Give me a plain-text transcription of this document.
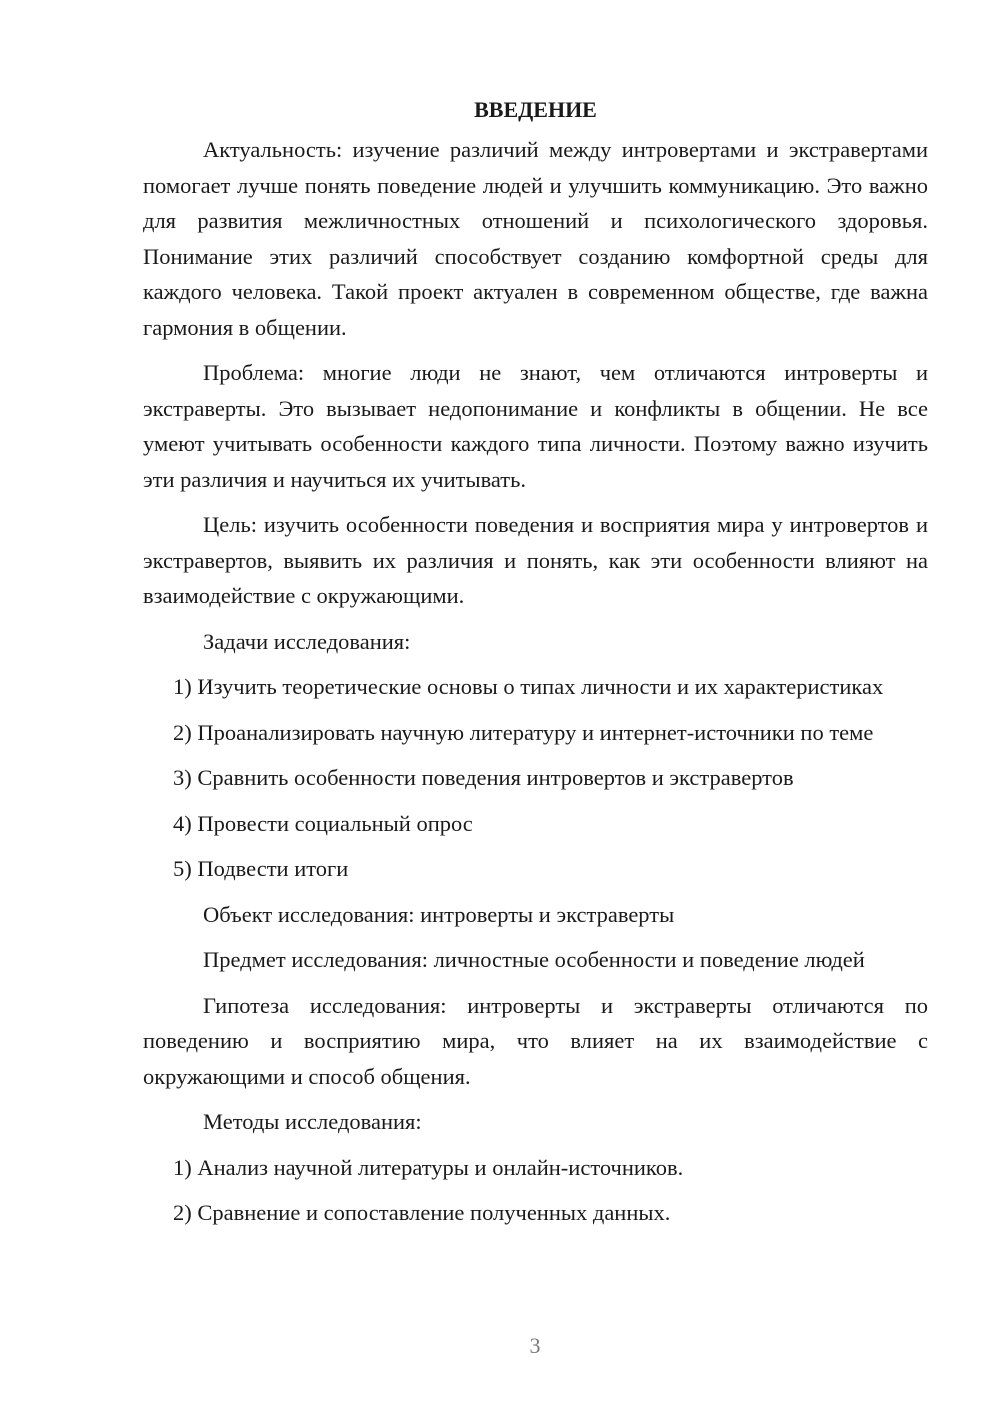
ВВЕДЕНИЕ

Актуальность: изучение различий между интровертами и экстравертами помогает лучше понять поведение людей и улучшить коммуникацию. Это важно для развития межличностных отношений и психологического здоровья. Понимание этих различий способствует созданию комфортной среды для каждого человека. Такой проект актуален в современном обществе, где важна гармония в общении.

Проблема: многие люди не знают, чем отличаются интроверты и экстраверты. Это вызывает недопонимание и конфликты в общении. Не все умеют учитывать особенности каждого типа личности. Поэтому важно изучить эти различия и научиться их учитывать.

Цель: изучить особенности поведения и восприятия мира у интровертов и экстравертов, выявить их различия и понять, как эти особенности влияют на взаимодействие с окружающими.

Задачи исследования:

1) Изучить теоретические основы о типах личности и их характеристиках

2) Проанализировать научную литературу и интернет-источники по теме

3) Сравнить особенности поведения интровертов и экстравертов

4) Провести социальный опрос

5) Подвести итоги

Объект исследования: интроверты и экстраверты

Предмет исследования: личностные особенности и поведение людей

Гипотеза исследования: интроверты и экстраверты отличаются по поведению и восприятию мира, что влияет на их взаимодействие с окружающими и способ общения.

Методы исследования:

1) Анализ научной литературы и онлайн-источников.

2) Сравнение и сопоставление полученных данных.

3
